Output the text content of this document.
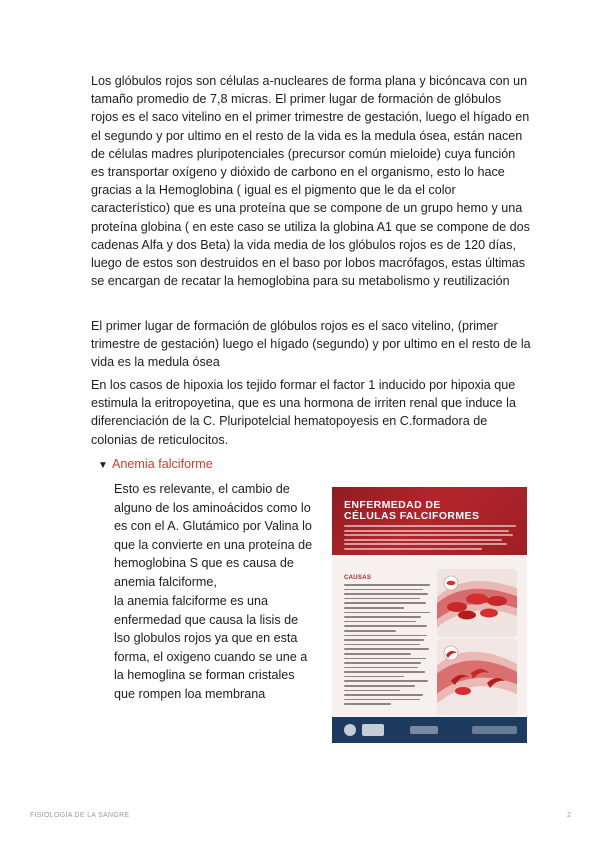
Los glóbulos rojos son células a-nucleares de forma plana y bicóncava con un tamaño promedio de 7,8 micras. El primer lugar de formación de glóbulos rojos es el saco vitelino en el primer trimestre de gestación, luego el hígado en el segundo y por ultimo en el resto de la vida es la medula ósea, están nacen de células madres pluripotenciales (precursor común mieloide) cuya función es transportar oxígeno y dióxido de carbono en el organismo, esto lo hace gracias a la Hemoglobina ( igual es el pigmento que le da el color característico) que es una proteína que se compone de un grupo hemo y una proteína globina ( en este caso se utiliza la globina A1 que se compone de dos cadenas Alfa y dos Beta) la vida media de los glóbulos rojos es de 120 días, luego de estos son destruidos en el baso por lobos macrófagos, estas últimas se encargan de recatar la hemoglobina para su metabolismo y reutilización

El primer lugar de formación de glóbulos rojos es el saco vitelino, (primer trimestre de gestación) luego el hígado (segundo) y por ultimo en el resto de la vida es la medula ósea

En los casos de hipoxia los tejido formar el factor 1 inducido por hipoxia que estimula la eritropoyetina, que es una hormona de irriten renal que induce la diferenciación de la C. Pluripotelcial hematopoyesis en C.formadora de colonias de reticulocitos.

▼ Anemia falciforme

Esto es relevante, el cambio de alguno de los aminoácidos como lo es con el A. Glutámico por Valina lo que la convierte en una proteína de hemoglobina S que es causa de anemia falciforme,

la anemia falciforme es una enfermedad que causa la lisis de lso globulos rojos ya que en esta forma, el oxigeno cuando se une a la hemoglina se forman cristales que rompen loa membrana

ENFERMEDAD DE
CÉLULAS FALCIFORMES
CAUSAS
FISIOLOGÍA DE LA SANGRE	2
